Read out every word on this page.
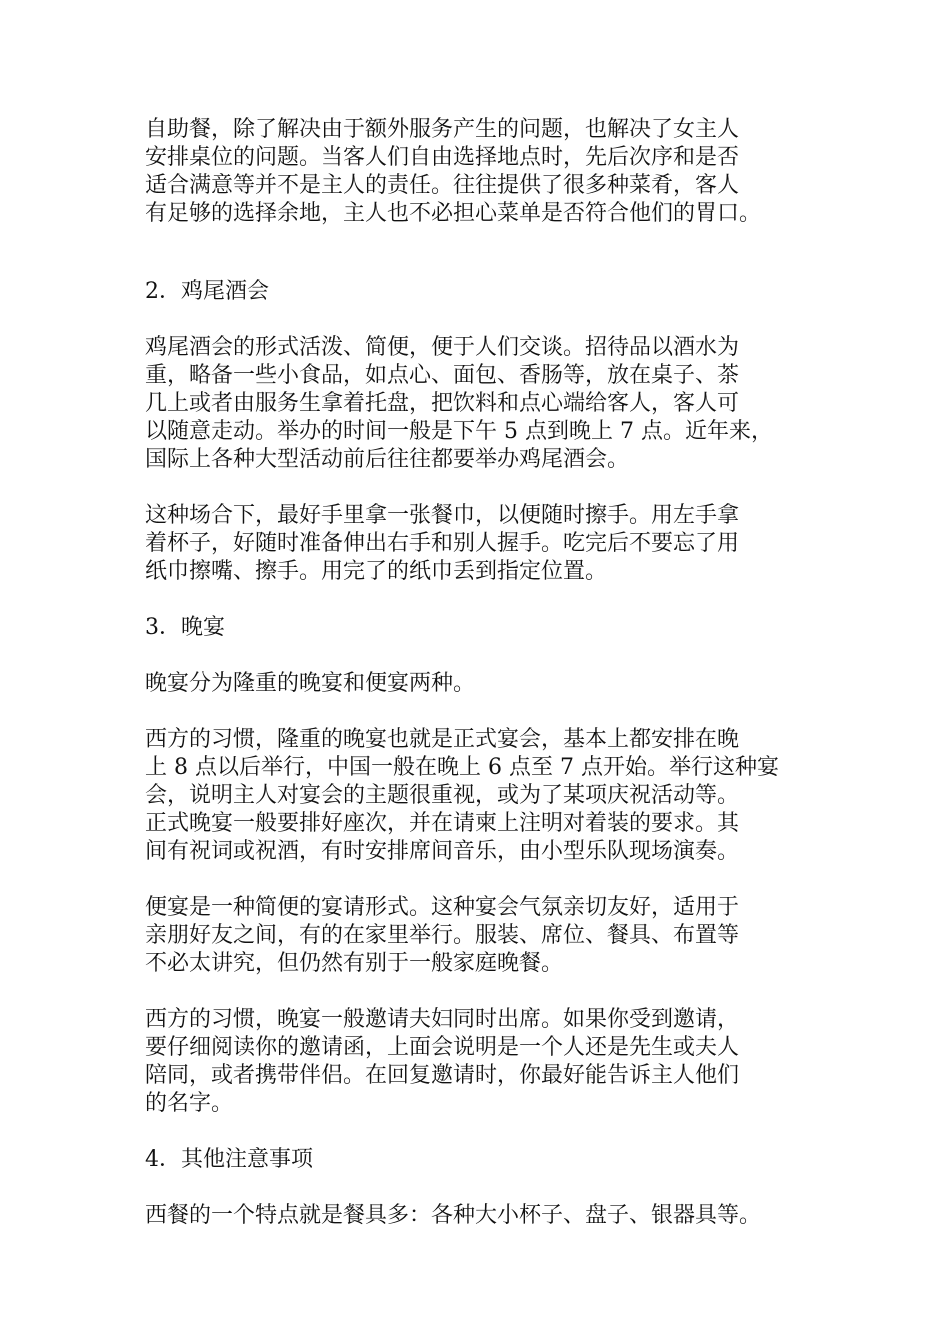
自助餐，除了解决由于额外服务产生的问题，也解决了女主人
安排桌位的问题。当客人们自由选择地点时，先后次序和是否
适合满意等并不是主人的责任。往往提供了很多种菜肴，客人
有足够的选择余地，主人也不必担心菜单是否符合他们的胃口。

2．鸡尾酒会

鸡尾酒会的形式活泼、简便，便于人们交谈。招待品以酒水为
重，略备一些小食品，如点心、面包、香肠等，放在桌子、茶
几上或者由服务生拿着托盘，把饮料和点心端给客人，客人可
以随意走动。举办的时间一般是下午 5 点到晚上 7 点。近年来，
国际上各种大型活动前后往往都要举办鸡尾酒会。

这种场合下，最好手里拿一张餐巾，以便随时擦手。用左手拿
着杯子，好随时准备伸出右手和别人握手。吃完后不要忘了用
纸巾擦嘴、擦手。用完了的纸巾丢到指定位置。

3．晚宴

晚宴分为隆重的晚宴和便宴两种。

西方的习惯，隆重的晚宴也就是正式宴会，基本上都安排在晚
上 8 点以后举行，中国一般在晚上 6 点至 7 点开始。举行这种宴
会，说明主人对宴会的主题很重视，或为了某项庆祝活动等。
正式晚宴一般要排好座次，并在请柬上注明对着装的要求。其
间有祝词或祝酒，有时安排席间音乐，由小型乐队现场演奏。

便宴是一种简便的宴请形式。这种宴会气氛亲切友好，适用于
亲朋好友之间，有的在家里举行。服装、席位、餐具、布置等
不必太讲究，但仍然有别于一般家庭晚餐。

西方的习惯，晚宴一般邀请夫妇同时出席。如果你受到邀请，
要仔细阅读你的邀请函，上面会说明是一个人还是先生或夫人
陪同，或者携带伴侣。在回复邀请时，你最好能告诉主人他们
的名字。

4．其他注意事项

西餐的一个特点就是餐具多：各种大小杯子、盘子、银器具等。
